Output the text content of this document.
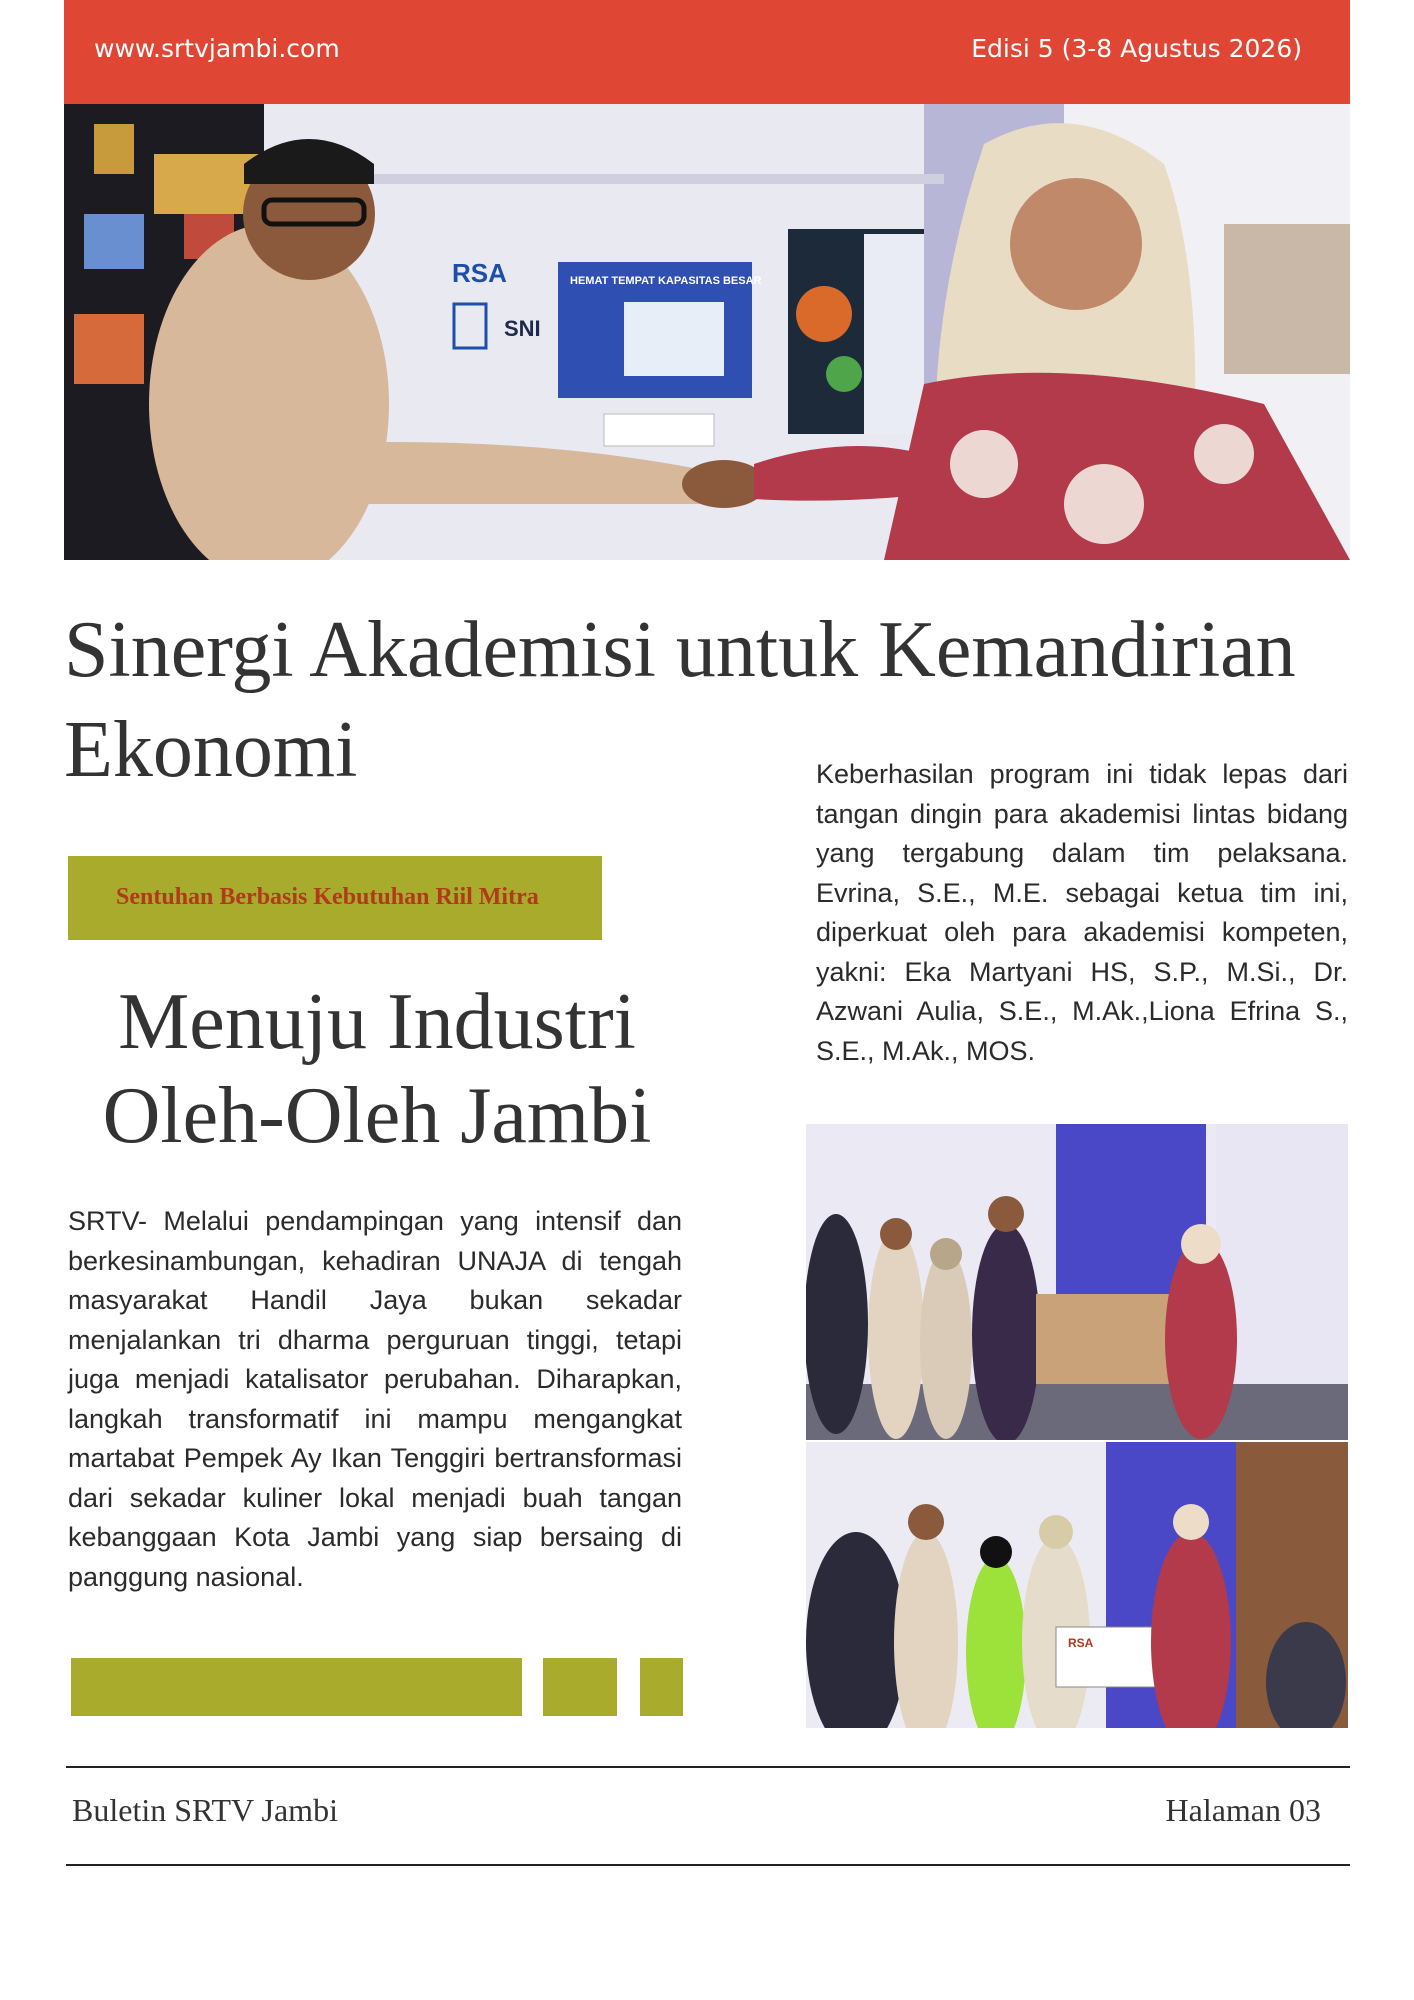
www.srtvjambi.com	Edisi 5 (3-8 Agustus 2026)
RSA
SNI
HEMAT TEMPAT KAPASITAS BESAR
Sinergi Akademisi untuk Kemandirian Ekonomi
Sentuhan Berbasis Kebutuhan Riil Mitra
Menuju Industri Oleh-Oleh Jambi

SRTV- Melalui pendampingan yang intensif dan berkesinambungan, kehadiran UNAJA di tengah masyarakat Handil Jaya bukan sekadar menjalankan tri dharma perguruan tinggi, tetapi juga menjadi katalisator perubahan. Diharapkan, langkah transformatif ini mampu mengangkat martabat Pempek Ay Ikan Tenggiri bertransformasi dari sekadar kuliner lokal menjadi buah tangan kebanggaan Kota Jambi yang siap bersaing di panggung nasional.

Keberhasilan program ini tidak lepas dari tangan dingin para akademisi lintas bidang yang tergabung dalam tim pelaksana. Evrina, S.E., M.E. sebagai ketua tim ini, diperkuat oleh para akademisi kompeten, yakni: Eka Martyani HS, S.P., M.Si., Dr. Azwani Aulia, S.E., M.Ak.,Liona Efrina S., S.E., M.Ak., MOS.

RSA
Buletin SRTV Jambi	Halaman 03
